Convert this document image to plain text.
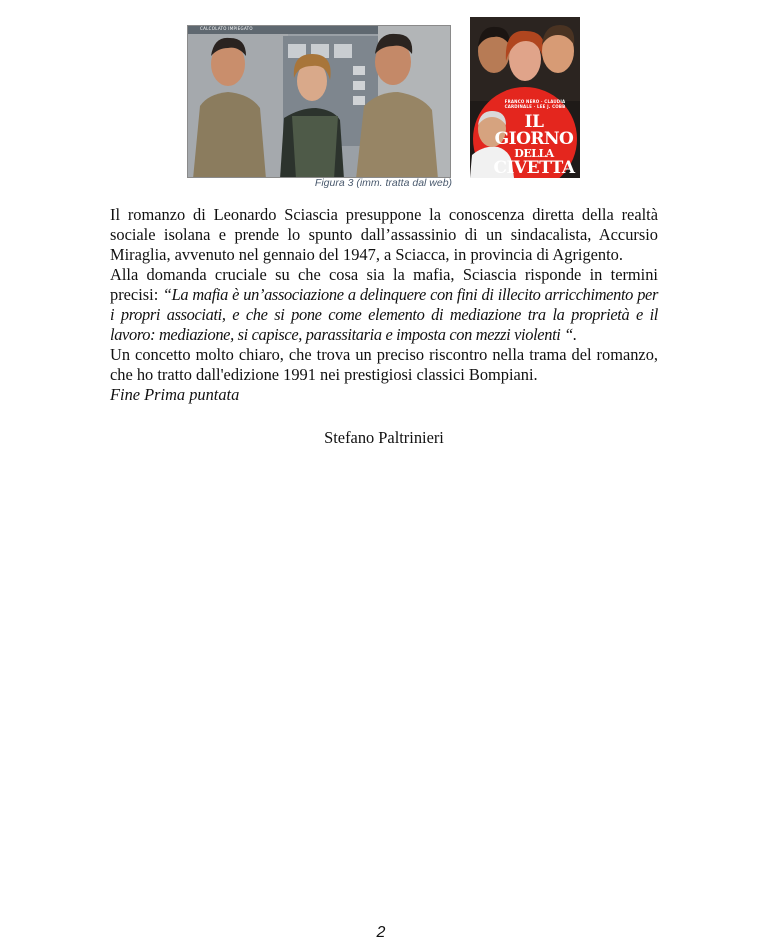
CALCOLATO IMPIEGATO
FRANCO NERO · CLAUDIA CARDINALE · LEE J. COBB
IL GIORNO
DELLA
CIVETTA
Figura 3 (imm. tratta dal web)

Il romanzo di Leonardo Sciascia presuppone la conoscenza diretta della realtà sociale isolana e prende lo spunto dall’assassinio di un sindacalista, Accursio Miraglia, avvenuto nel gennaio del 1947, a Sciacca, in provincia di Agrigento.

Alla domanda cruciale su che cosa sia la mafia, Sciascia risponde in termini precisi: “La mafia è un’associazione a delinquere con fini di illecito arricchimento per i propri associati, e che si pone come elemento di mediazione tra la proprietà e il lavoro: mediazione, si capisce, parassitaria e imposta con mezzi violenti “.

Un concetto molto chiaro, che trova un preciso riscontro nella trama del romanzo, che ho tratto dall'edizione 1991 nei prestigiosi classici Bompiani.

Fine Prima puntata

Stefano Paltrinieri
2
